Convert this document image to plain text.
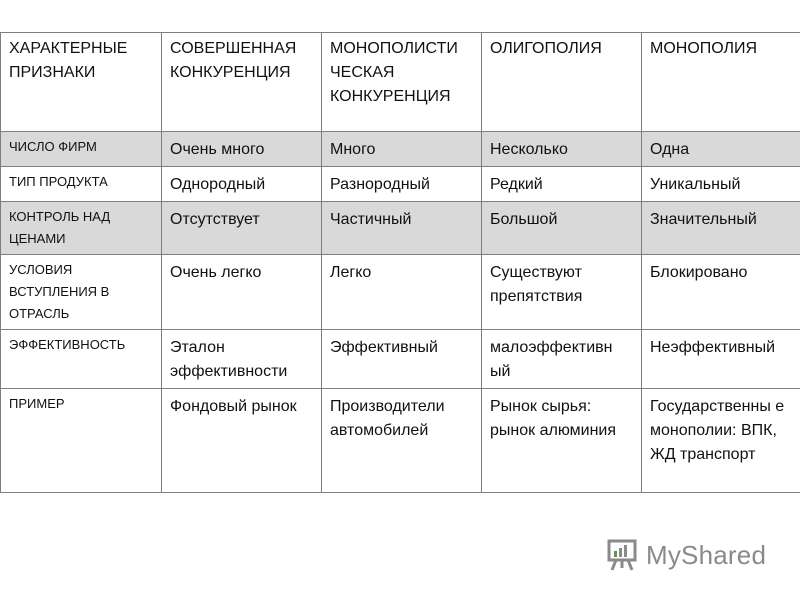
ХАРАКТЕРНЫЕ ПРИЗНАКИ	СОВЕРШЕННАЯ КОНКУРЕНЦИЯ	МОНОПОЛИСТИ ЧЕСКАЯ КОНКУРЕНЦИЯ	ОЛИГОПОЛИЯ	МОНОПОЛИЯ
ЧИСЛО ФИРМ	Очень много	Много	Несколько	Одна
ТИП ПРОДУКТА	Однородный	Разнородный	Редкий	Уникальный
КОНТРОЛЬ НАД ЦЕНАМИ	Отсутствует	Частичный	Большой	Значительный
УСЛОВИЯ ВСТУПЛЕНИЯ В ОТРАСЛЬ	Очень легко	Легко	Существуют препятствия	Блокировано
ЭФФЕКТИВНОСТЬ	Эталон эффективности	Эффективный	малоэффективн ый	Неэффективный
ПРИМЕР	Фондовый рынок	Производители автомобилей	Рынок сырья: рынок алюминия	Государственны е монополии: ВПК, ЖД транспорт
MyShared
